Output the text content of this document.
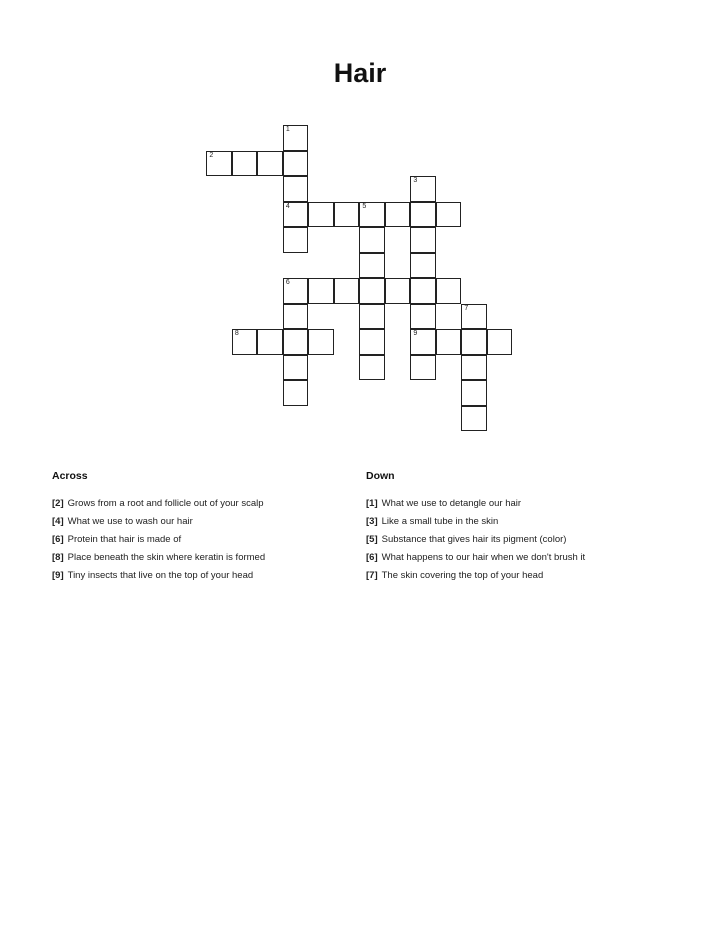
Hair
1
4
2
3
9
5
6
7
8
Across
[2] Grows from a root and follicle out of your scalp
[4] What we use to wash our hair
[6] Protein that hair is made of
[8] Place beneath the skin where keratin is formed
[9] Tiny insects that live on the top of your head
Down
[1] What we use to detangle our hair
[3] Like a small tube in the skin
[5] Substance that gives hair its pigment (color)
[6] What happens to our hair when we don't brush it
[7] The skin covering the top of your head
